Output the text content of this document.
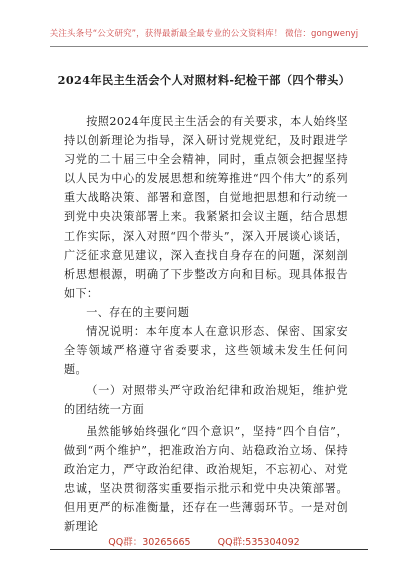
关注头条号“公文研究”，获得最新最全最专业的公文资料库！ 微信：gongwenyj
2024年民主生活会个人对照材料-纪检干部（四个带头）

按照2024年度民主生活会的有关要求，本人始终坚持以创新理论为指导，深入研讨党规党纪，及时跟进学习党的二十届三中全会精神，同时，重点领会把握坚持以人民为中心的发展思想和统筹推进“四个伟大”的系列重大战略决策、部署和意图，自觉地把思想和行动统一到党中央决策部署上来。我紧紧扣会议主题，结合思想工作实际，深入对照“四个带头”，深入开展谈心谈话，广泛征求意见建议，深入查找自身存在的问题，深刻剖析思想根源，明确了下步整改方向和目标。现具体报告如下：

一、存在的主要问题

情况说明：本年度本人在意识形态、保密、国家安全等领域严格遵守省委要求，这些领域未发生任何问题。

（一）对照带头严守政治纪律和政治规矩，维护党的团结统一方面

虽然能够始终强化“四个意识”，坚持“四个自信”，做到“两个维护”，把准政治方向、站稳政治立场、保持政治定力，严守政治纪律、政治规矩，不忘初心、对党忠诚，坚决贯彻落实重要指示批示和党中央决策部署。但用更严的标准衡量，还存在一些薄弱环节。一是对创新理论

QQ群：30265665	QQ群:535304092
